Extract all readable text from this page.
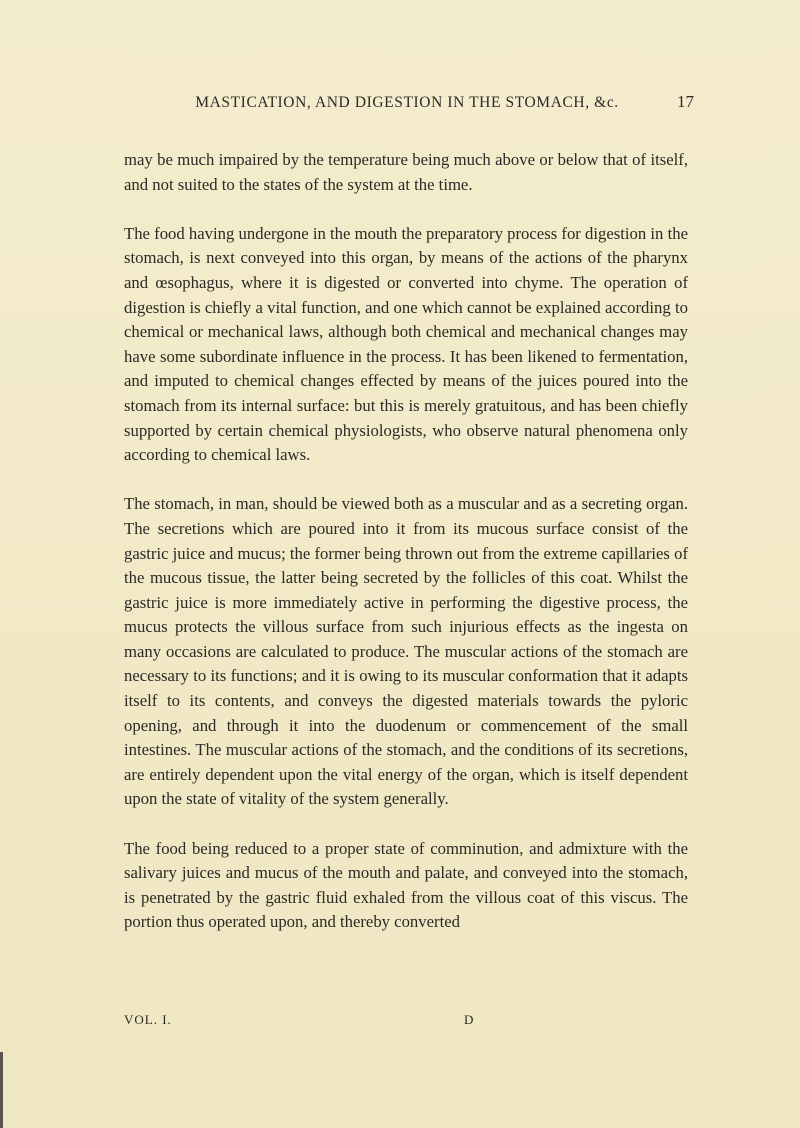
MASTICATION, AND DIGESTION IN THE STOMACH, &c.	17

may be much impaired by the temperature being much above or below that of itself, and not suited to the states of the system at the time.

The food having undergone in the mouth the preparatory process for digestion in the stomach, is next conveyed into this organ, by means of the actions of the pharynx and œsophagus, where it is digested or converted into chyme. The operation of digestion is chiefly a vital function, and one which cannot be explained according to chemical or mechanical laws, although both chemical and mechanical changes may have some subordinate influence in the process. It has been likened to fermentation, and imputed to chemical changes effected by means of the juices poured into the stomach from its internal surface: but this is merely gratuitous, and has been chiefly supported by certain chemical physiologists, who observe natural phenomena only according to chemical laws.

The stomach, in man, should be viewed both as a muscular and as a secreting organ. The secretions which are poured into it from its mucous surface consist of the gastric juice and mucus; the former being thrown out from the extreme capillaries of the mucous tissue, the latter being secreted by the follicles of this coat. Whilst the gastric juice is more immediately active in performing the digestive process, the mucus protects the villous surface from such injurious effects as the ingesta on many occasions are calculated to produce. The muscular actions of the stomach are necessary to its functions; and it is owing to its muscular conformation that it adapts itself to its contents, and conveys the digested materials towards the pyloric opening, and through it into the duodenum or commencement of the small intestines. The muscular actions of the stomach, and the conditions of its secretions, are entirely dependent upon the vital energy of the organ, which is itself dependent upon the state of vitality of the system generally.

The food being reduced to a proper state of comminution, and admixture with the salivary juices and mucus of the mouth and palate, and conveyed into the stomach, is penetrated by the gastric fluid exhaled from the villous coat of this viscus. The portion thus operated upon, and thereby converted

VOL. I.	D
